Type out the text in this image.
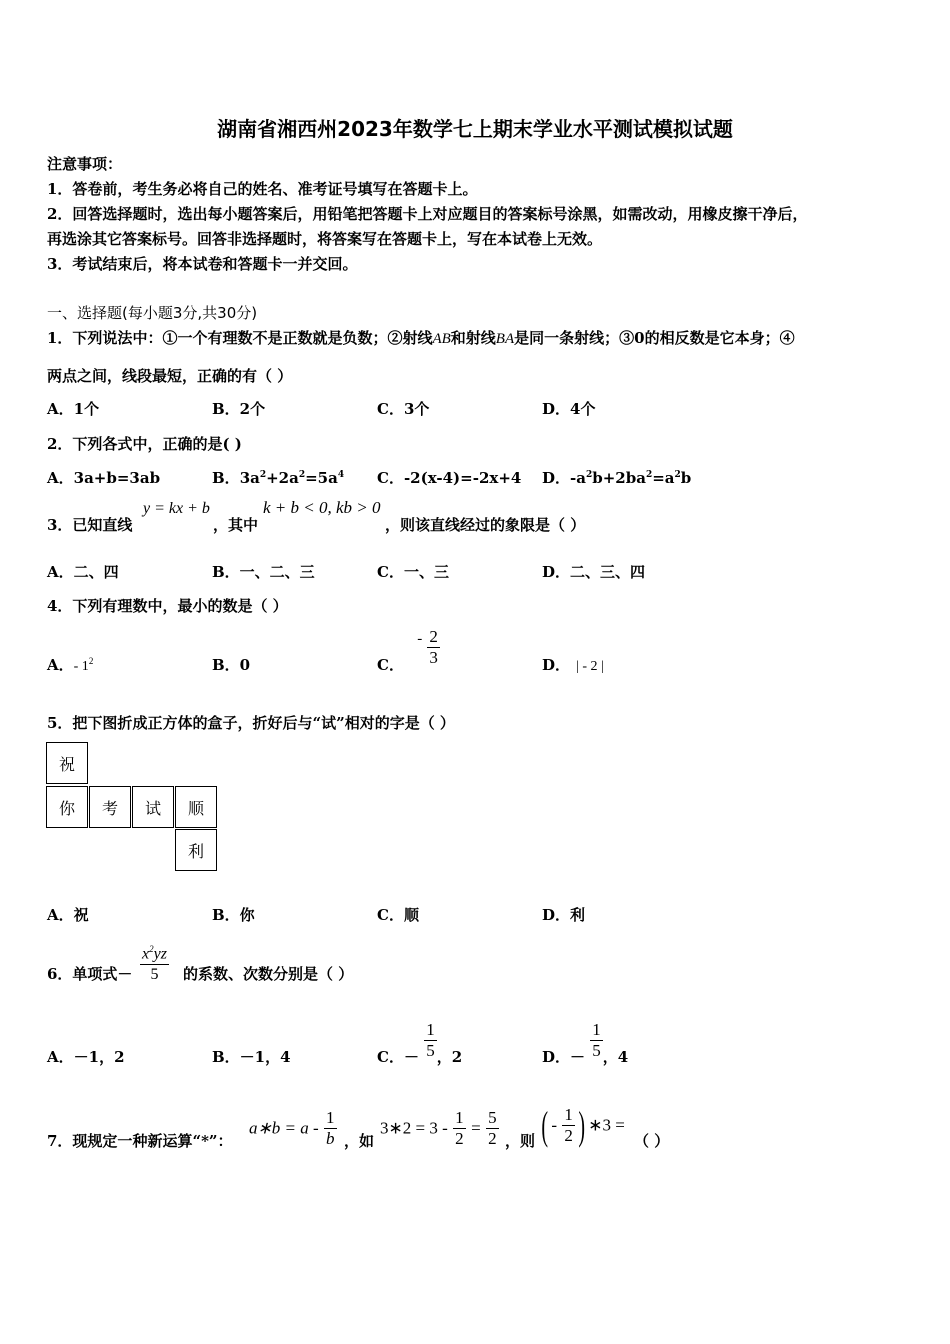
湖南省湘西州2023年数学七上期末学业水平测试模拟试题
注意事项：
1．答卷前，考生务必将自己的姓名、准考证号填写在答题卡上。
2．回答选择题时，选出每小题答案后，用铅笔把答题卡上对应题目的答案标号涂黑，如需改动，用橡皮擦干净后，
再选涂其它答案标号。回答非选择题时，将答案写在答题卡上，写在本试卷上无效。
3．考试结束后，将本试卷和答题卡一并交回。
一、选择题(每小题3分,共30分)
1．下列说法中：①一个有理数不是正数就是负数；②射线AB和射线BA是同一条射线；③0的相反数是它本身；④
两点之间，线段最短，正确的有（ ）
A．1个	B．2个	C．3个	D．4个
2．下列各式中，正确的是( )
A．3a+b=3ab	B．$3a^2+2a^2=5a^4$ C．-2(x-4)=-2x+4 D．$-a^2b+2ba^2=a^2b$
3．已知直线
y = kx + b
，其中
k + b < 0, kb > 0
，则该直线经过的象限是（ ）
A．二、四	B．一、二、三	C．一、三	D．二、三、四
4．下列有理数中，最小的数是（ ）
A．- $1^2$	B．0	C． - $\frac{2}{3}$	D． | - 2 |
5．把下图折成正方体的盒子，折好后与“试”相对的字是（ ）
祝
你	考	试	顺
利
A．祝	B．你	C．顺	D．利
6．单项式－ $\frac{x^2yz}{5}$ 的系数、次数分别是（ ）
A．－1，2	B．－1，4	C．－ $\frac{1}{5}$ ，2	D．－ $\frac{1}{5}$ ，4
7．现规定一种新运算“*”：
a∗b = a - $\frac{1}{b}$ ，如
3∗2 = $3 - \frac{1}{2} = \frac{5}{2}$ ，则 ( - $\frac{1}{2}$ ) ∗3 =
（ ）
